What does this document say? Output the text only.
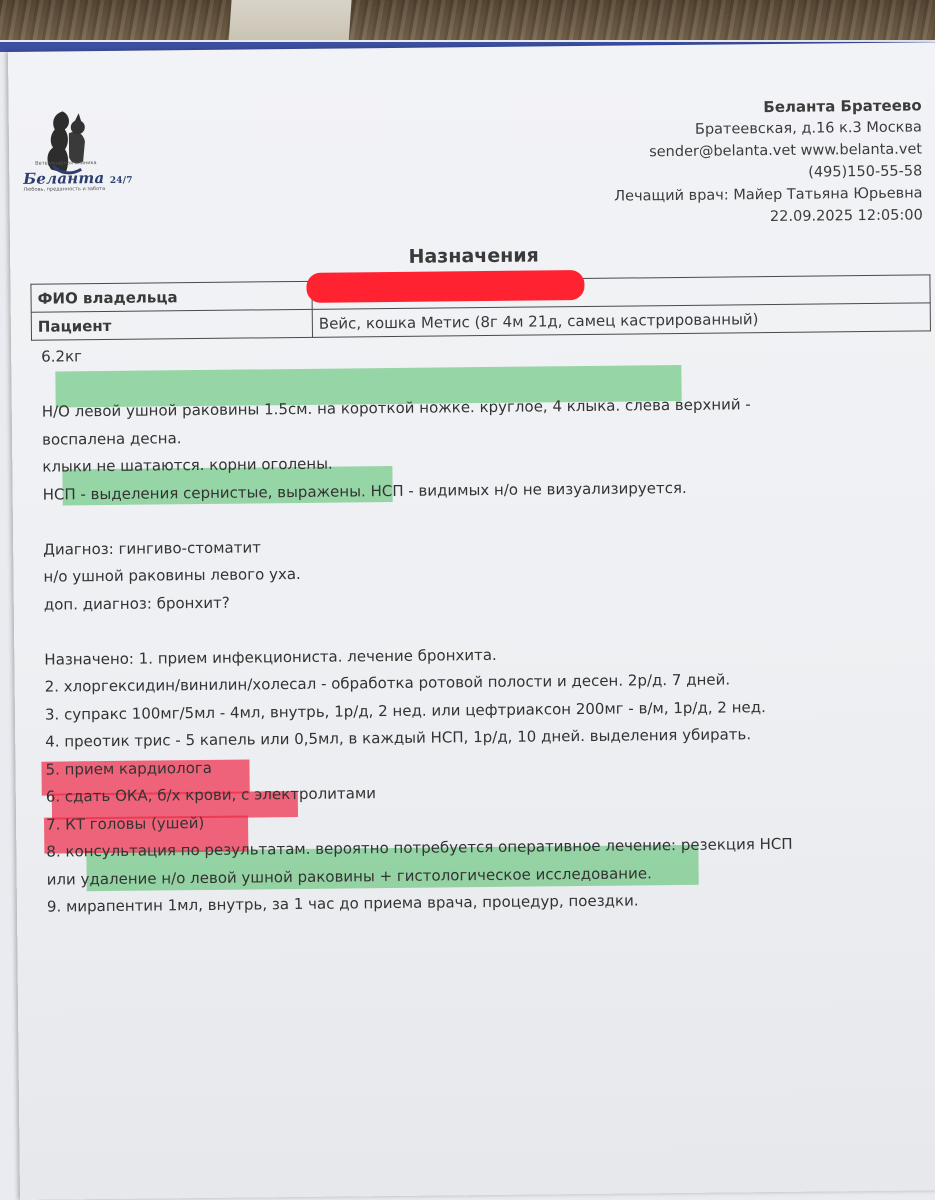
Ветеринарная клиника
Беланта 24/7
Любовь, преданность и забота
Беланта Братеево
Братеевская, д.16 к.3 Москва
sender@belanta.vet www.belanta.vet
(495)150-55-58
Лечащий врач: Майер Татьяна Юрьевна
22.09.2025 12:05:00
Назначения
ФИО владельца	
Пациент	Вейс, кошка Метис (8г 4м 21д, самец кастрированный)

6.2кг

Н/О левой ушной раковины 1.5см. на короткой ножке. круглое, 4 клыка. слева верхний -

воспалена десна.

клыки не шатаются. корни оголены.

НСП - выделения сернистые, выражены. НСП - видимых н/о не визуализируется.

Диагноз: гингиво-стоматит

н/о ушной раковины левого уха.

доп. диагноз: бронхит?

Назначено: 1. прием инфекциониста. лечение бронхита.

2. хлоргексидин/винилин/холесал - обработка ротовой полости и десен. 2р/д. 7 дней.

3. супракс 100мг/5мл - 4мл, внутрь, 1р/д, 2 нед. или цефтриаксон 200мг - в/м, 1р/д, 2 нед.

4. преотик трис - 5 капель или 0,5мл, в каждый НСП, 1р/д, 10 дней. выделения убирать.

5. прием кардиолога

6. сдать ОКА, б/х крови, с электролитами

7. КТ головы (ушей)

8. консультация по результатам. вероятно потребуется оперативное лечение: резекция НСП

или удаление н/о левой ушной раковины + гистологическое исследование.

9. мирапентин 1мл, внутрь, за 1 час до приема врача, процедур, поездки.
